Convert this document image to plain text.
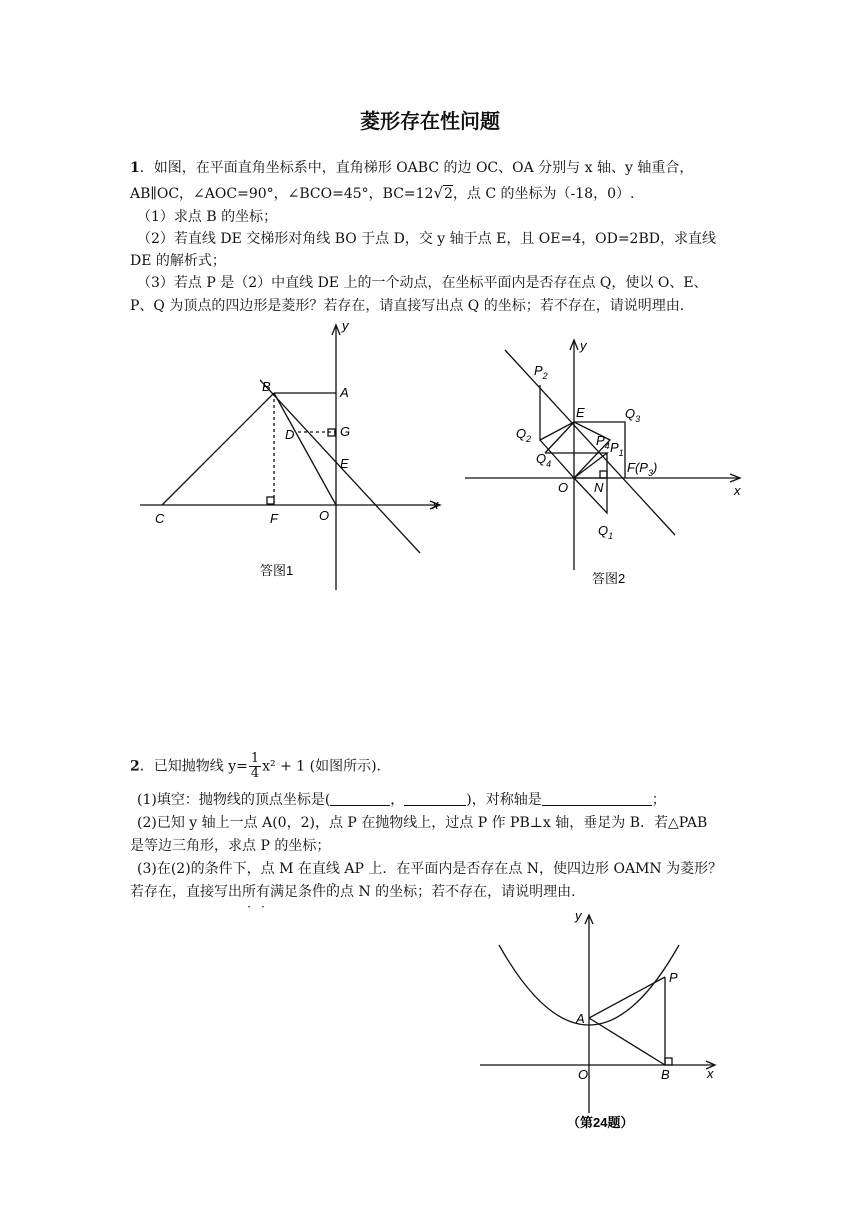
菱形存在性问题
1．如图，在平面直角坐标系中，直角梯形 OABC 的边 OC、OA 分别与 x 轴、y 轴重合，
AB∥OC，∠AOC=90°，∠BCO=45°，BC=12√2，点 C 的坐标为（-18，0）.
（1）求点 B 的坐标；
（2）若直线 DE 交梯形对角线 BO 于点 D，交 y 轴于点 E，且 OE=4，OD=2BD，求直线
DE 的解析式；
（3）若点 P 是（2）中直线 DE 上的一个动点，在坐标平面内是否存在点 Q，使以 O、E、
P、Q 为顶点的四边形是菱形？若存在，请直接写出点 Q 的坐标；若不存在，请说明理由.
B	A
D	G
E
C	F	O
y
x
答图1
y
x
$P_2$
E	$Q_3$
$Q_2$	$P_4$ $P_1$
$Q_4$	$F(P_3)$
O N
$Q_1$
答图2
2．已知抛物线 $y= \frac{1}{4} x^2 + 1$ (如图所示).
(1)填空：抛物线的顶点坐标是(	，	)，对称轴是	；
(2)已知 y 轴上一点 A(0，2)，点 P 在抛物线上，过点 P 作 PB⊥x 轴，垂足为 B．若△PAB
是等边三角形，求点 P 的坐标；
(3)在(2)的条件下，点 M 在直线 AP 上．在平面内是否存在点 N，使四边形 OAMN 为菱形？
若存在，直接写出所有满足条件的点 N 的坐标；若不存在，请说明理由.
y
x
P
A
O	B
（第24题）
